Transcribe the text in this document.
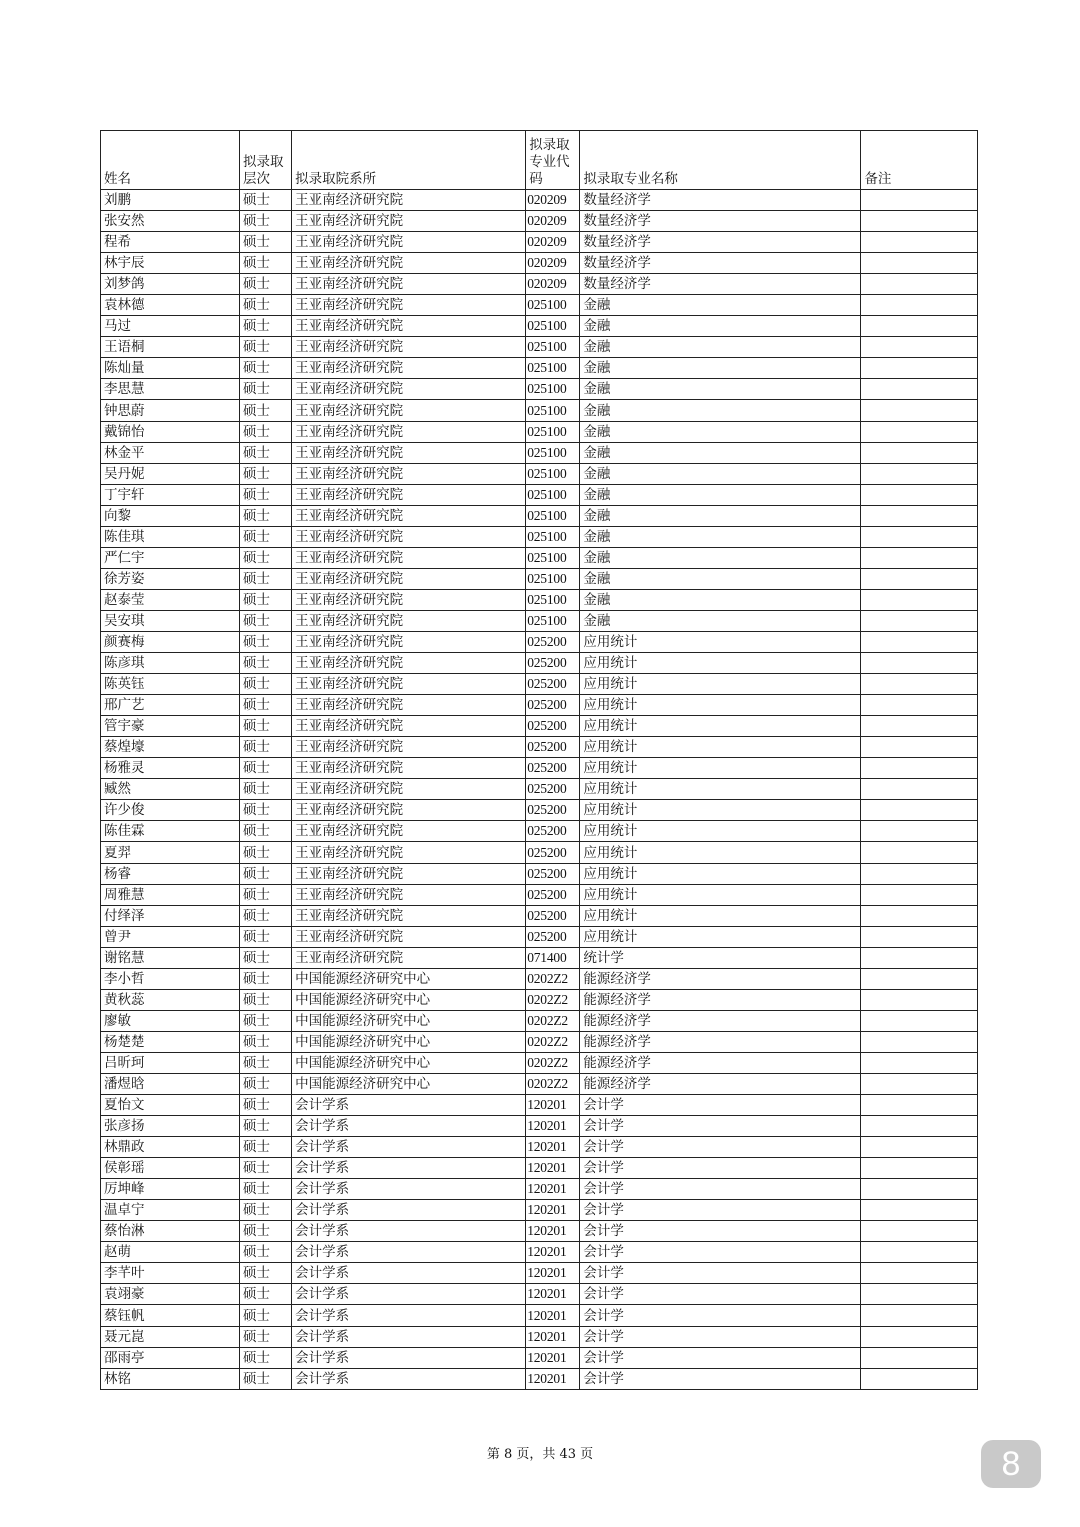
姓名	拟录取层次	拟录取院系所	拟录取专业代码	拟录取专业名称	备注
刘鹏	硕士	王亚南经济研究院	020209	数量经济学	
张安然	硕士	王亚南经济研究院	020209	数量经济学	
程希	硕士	王亚南经济研究院	020209	数量经济学	
林宇辰	硕士	王亚南经济研究院	020209	数量经济学	
刘梦鸽	硕士	王亚南经济研究院	020209	数量经济学	
袁林德	硕士	王亚南经济研究院	025100	金融	
马过	硕士	王亚南经济研究院	025100	金融	
王语桐	硕士	王亚南经济研究院	025100	金融	
陈灿量	硕士	王亚南经济研究院	025100	金融	
李思慧	硕士	王亚南经济研究院	025100	金融	
钟思蔚	硕士	王亚南经济研究院	025100	金融	
戴锦怡	硕士	王亚南经济研究院	025100	金融	
林金平	硕士	王亚南经济研究院	025100	金融	
吴丹妮	硕士	王亚南经济研究院	025100	金融	
丁宇轩	硕士	王亚南经济研究院	025100	金融	
向黎	硕士	王亚南经济研究院	025100	金融	
陈佳琪	硕士	王亚南经济研究院	025100	金融	
严仁宇	硕士	王亚南经济研究院	025100	金融	
徐芳姿	硕士	王亚南经济研究院	025100	金融	
赵泰莹	硕士	王亚南经济研究院	025100	金融	
吴安琪	硕士	王亚南经济研究院	025100	金融	
颜赛梅	硕士	王亚南经济研究院	025200	应用统计	
陈彦琪	硕士	王亚南经济研究院	025200	应用统计	
陈英钰	硕士	王亚南经济研究院	025200	应用统计	
邢广艺	硕士	王亚南经济研究院	025200	应用统计	
管宇豪	硕士	王亚南经济研究院	025200	应用统计	
蔡煌壕	硕士	王亚南经济研究院	025200	应用统计	
杨雅灵	硕士	王亚南经济研究院	025200	应用统计	
臧然	硕士	王亚南经济研究院	025200	应用统计	
许少俊	硕士	王亚南经济研究院	025200	应用统计	
陈佳霖	硕士	王亚南经济研究院	025200	应用统计	
夏羿	硕士	王亚南经济研究院	025200	应用统计	
杨睿	硕士	王亚南经济研究院	025200	应用统计	
周雅慧	硕士	王亚南经济研究院	025200	应用统计	
付绎泽	硕士	王亚南经济研究院	025200	应用统计	
曾尹	硕士	王亚南经济研究院	025200	应用统计	
谢铭慧	硕士	王亚南经济研究院	071400	统计学	
李小哲	硕士	中国能源经济研究中心	0202Z2	能源经济学	
黄秋蕊	硕士	中国能源经济研究中心	0202Z2	能源经济学	
廖敏	硕士	中国能源经济研究中心	0202Z2	能源经济学	
杨楚楚	硕士	中国能源经济研究中心	0202Z2	能源经济学	
吕昕珂	硕士	中国能源经济研究中心	0202Z2	能源经济学	
潘煜晗	硕士	中国能源经济研究中心	0202Z2	能源经济学	
夏怡文	硕士	会计学系	120201	会计学	
张彦扬	硕士	会计学系	120201	会计学	
林鼎政	硕士	会计学系	120201	会计学	
侯彰瑶	硕士	会计学系	120201	会计学	
厉坤峰	硕士	会计学系	120201	会计学	
温卓宁	硕士	会计学系	120201	会计学	
蔡怡淋	硕士	会计学系	120201	会计学	
赵萌	硕士	会计学系	120201	会计学	
李芊叶	硕士	会计学系	120201	会计学	
袁翊豪	硕士	会计学系	120201	会计学	
蔡钰帆	硕士	会计学系	120201	会计学	
聂元崑	硕士	会计学系	120201	会计学	
邵雨亭	硕士	会计学系	120201	会计学	
林铭	硕士	会计学系	120201	会计学	
第 8 页，共 43 页	8
